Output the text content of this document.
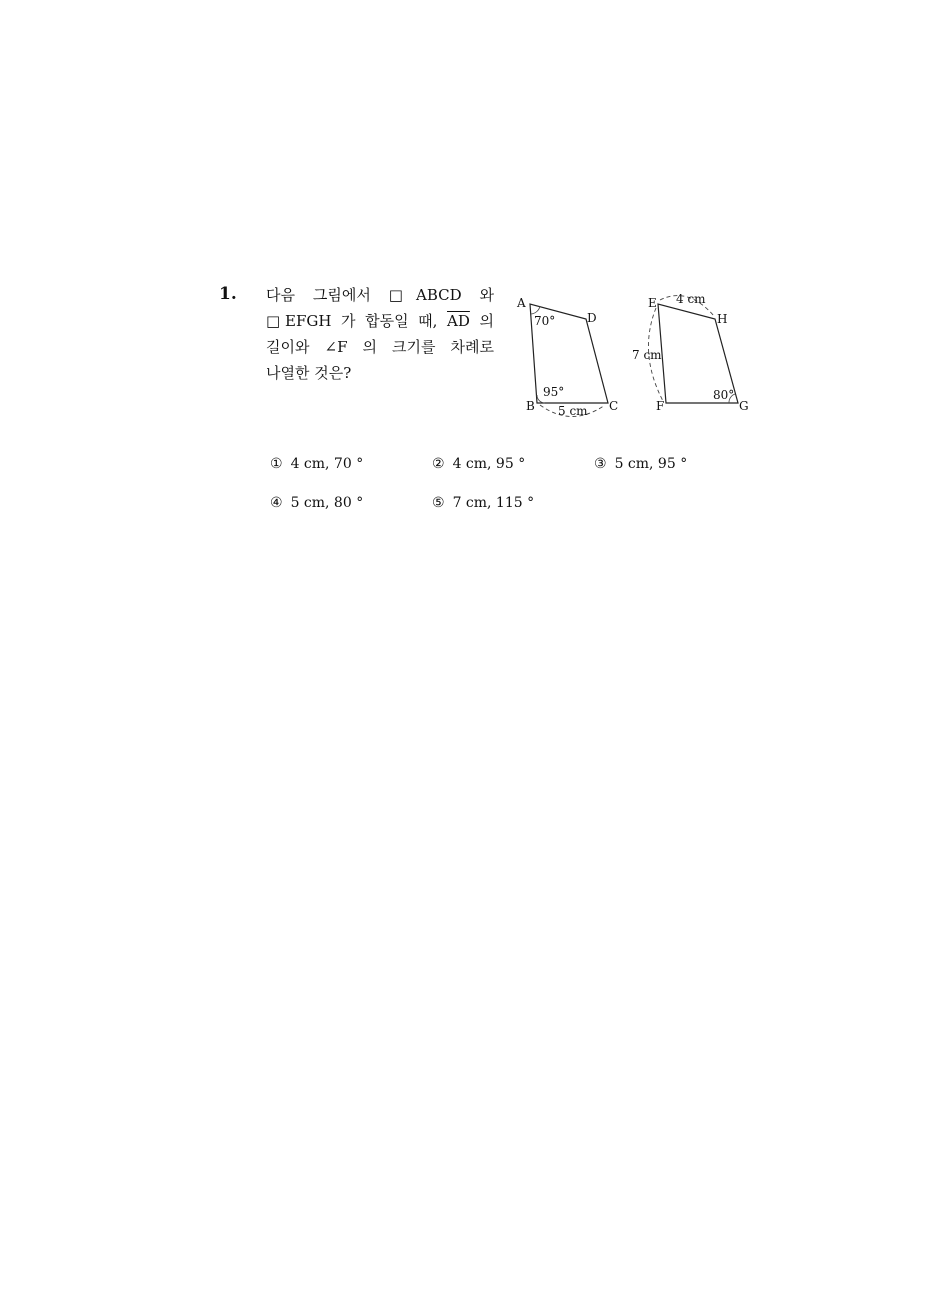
1. 다음 그림에서 □ABCD 와
□EFGH 가 합동일 때, $\overline{AD}$ 의
길이와 ∠F 의 크기를 차례로
나열한 것은?
A
B	C
D
70°
95°
5 cm
E
F	G
H
4 cm
7 cm
80°
① 4 cm, 70 °	② 4 cm, 95 °	③ 5 cm, 95 °
④ 5 cm, 80 °	⑤ 7 cm, 115 °
